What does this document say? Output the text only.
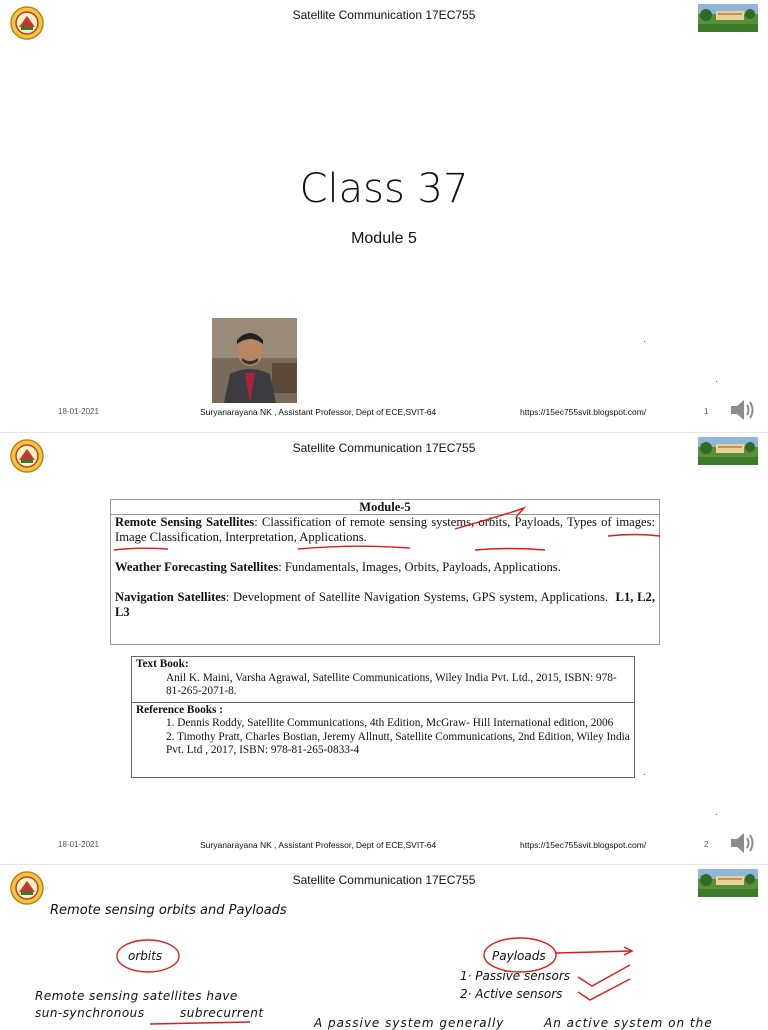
Satellite Communication 17EC755
Class 37
Module 5
·
·
18-01-2021	Suryanarayana NK , Assistant Professor, Dept of ECE,SVIT-64	https://15ec755svit.blogspot.com/	1
Satellite Communication 17EC755
Module-5

Remote Sensing Satellites: Classification of remote sensing systems, orbits, Payloads, Types of images: Image Classification, Interpretation, Applications.

Weather Forecasting Satellites: Fundamentals, Images, Orbits, Payloads, Applications.

Navigation Satellites: Development of Satellite Navigation Systems, GPS system, Applications. L1, L2, L3

Text Book:
Anil K. Maini, Varsha Agrawal, Satellite Communications, Wiley India Pvt. Ltd., 2015, ISBN: 978-81-265-2071-8.
Reference Books :
1. Dennis Roddy, Satellite Communications, 4th Edition, McGraw- Hill International edition, 2006
2. Timothy Pratt, Charles Bostian, Jeremy Allnutt, Satellite Communications, 2nd Edition, Wiley India Pvt. Ltd , 2017, ISBN: 978-81-265-0833-4
·
·
18-01-2021	Suryanarayana NK , Assistant Professor, Dept of ECE,SVIT-64	https://15ec755svit.blogspot.com/	2
Satellite Communication 17EC755
Remote sensing orbits and Payloads
orbits	Payloads
1· Passive sensors
2· Active sensors
Remote sensing satellites have
sun-synchronous	subrecurrent
A passive system generally	An active system on the
